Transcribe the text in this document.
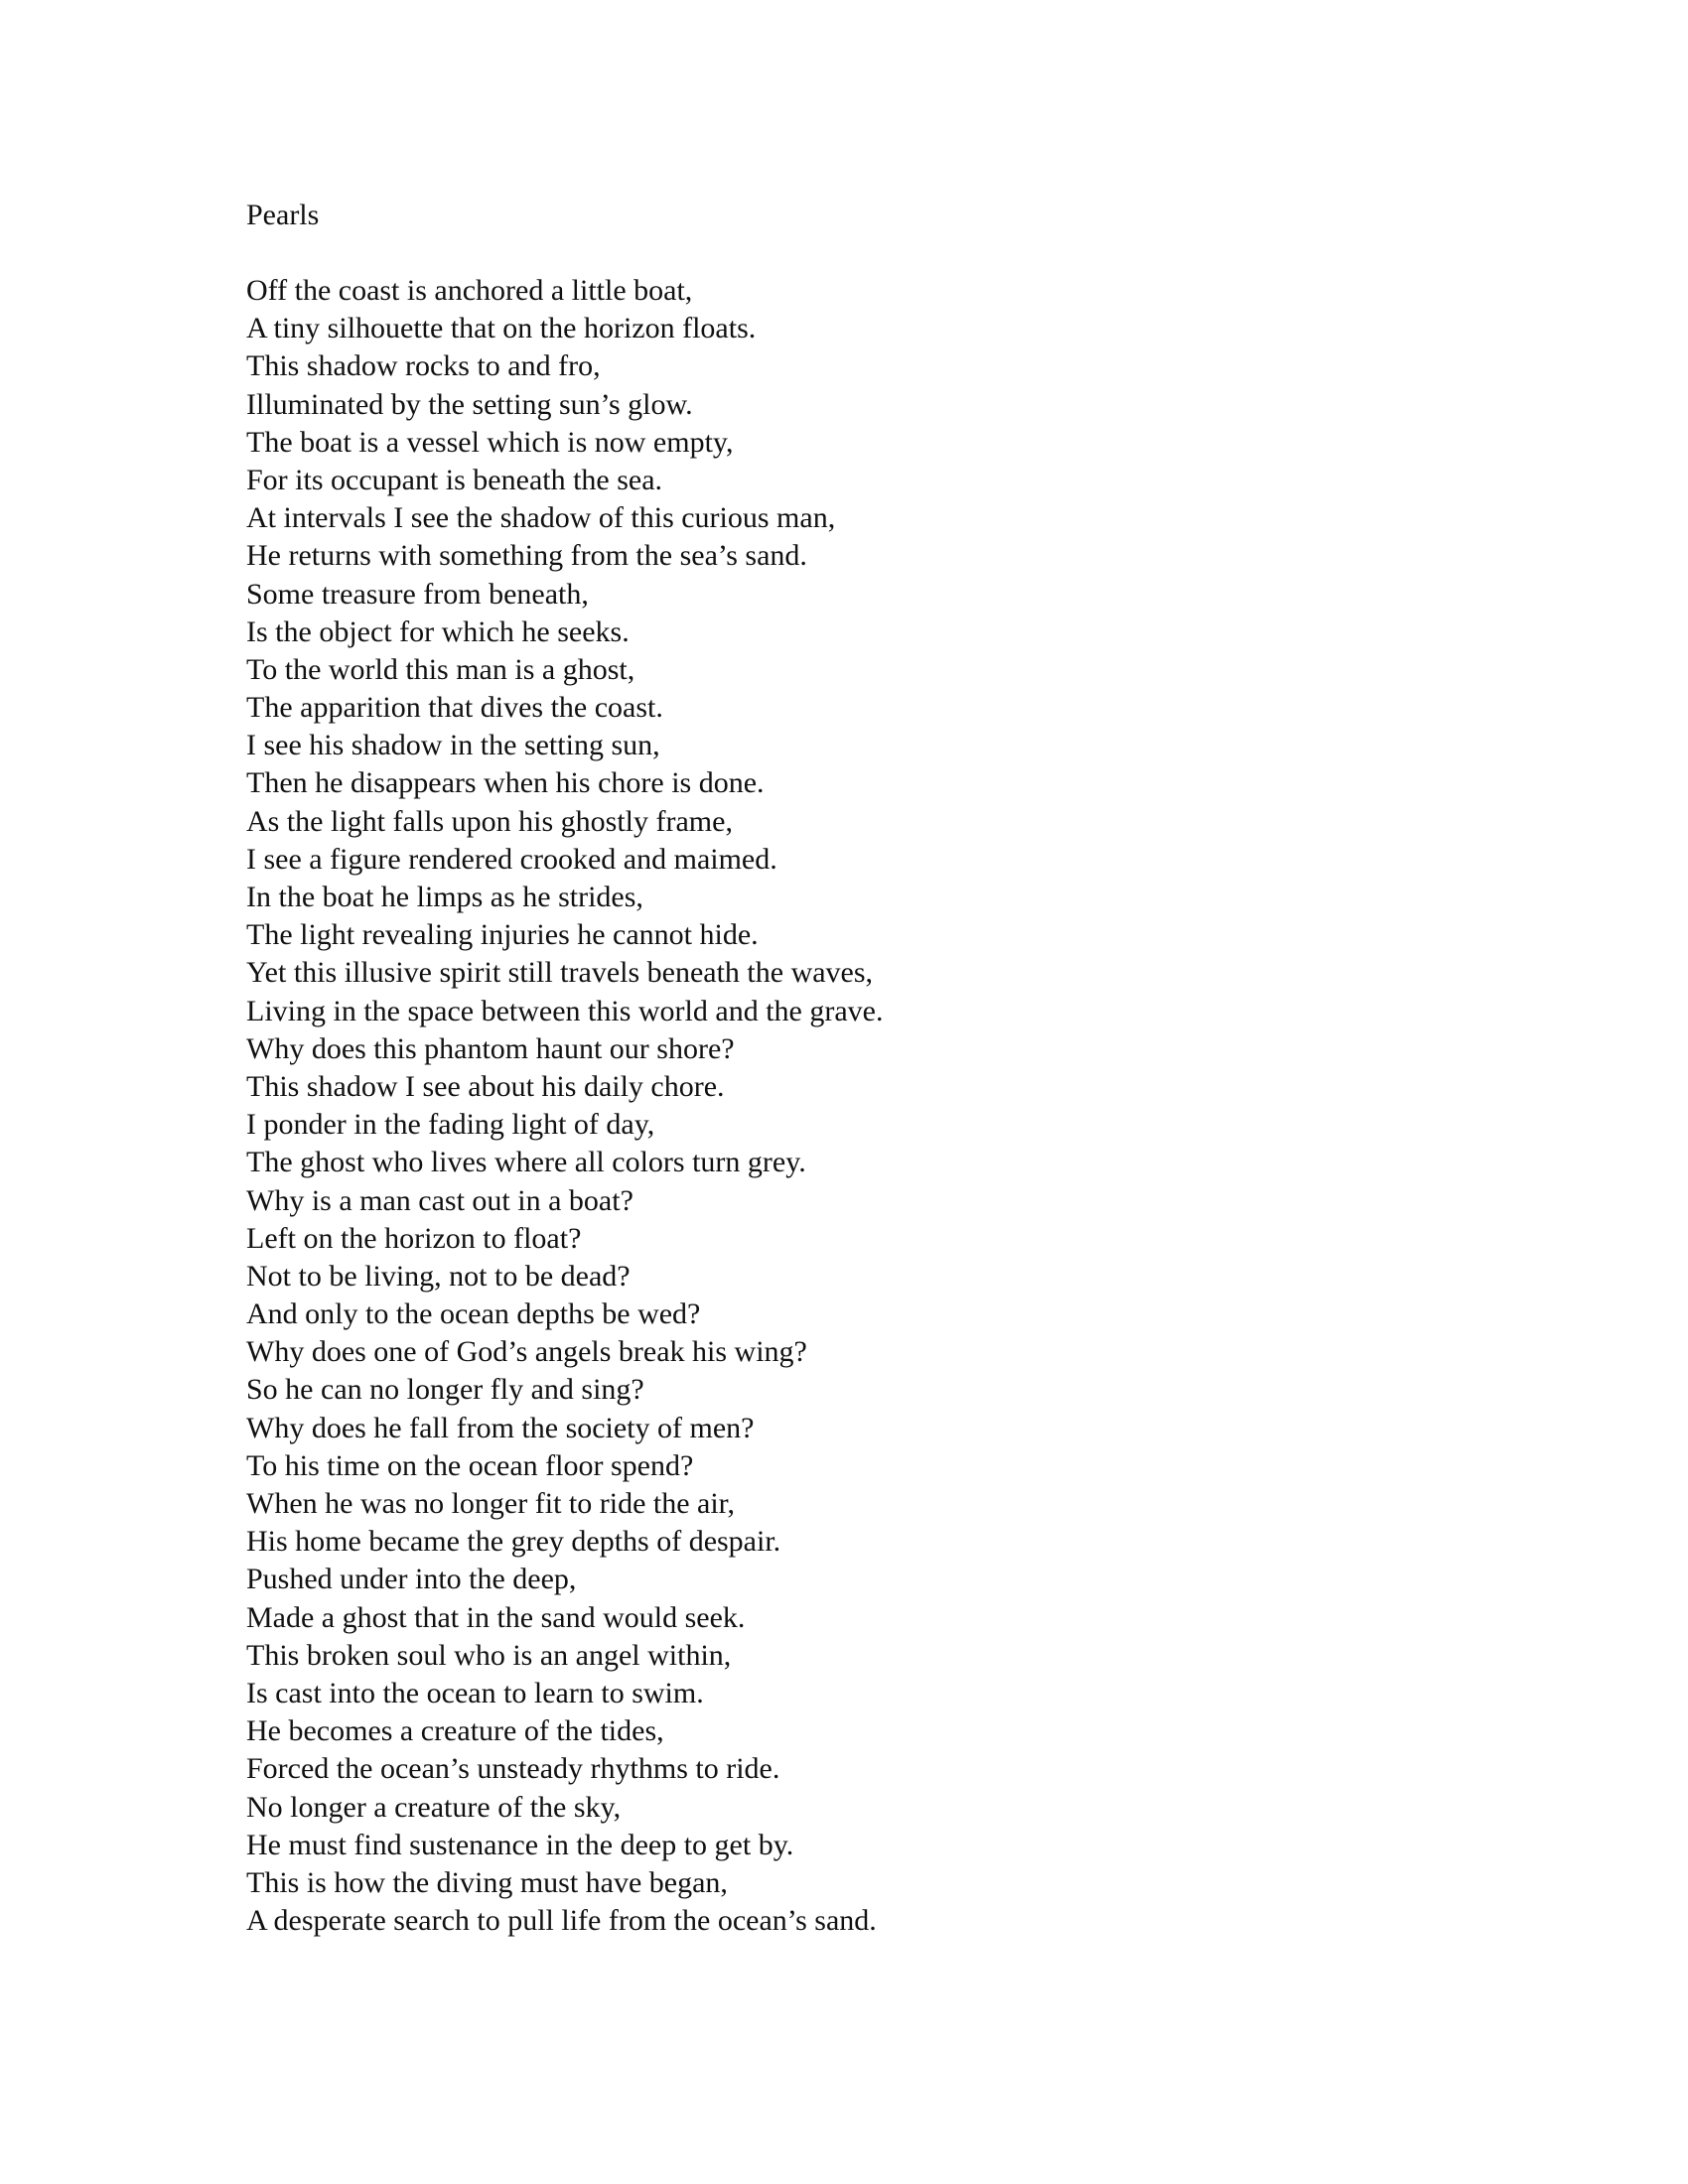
Pearls
Off the coast is anchored a little boat,
A tiny silhouette that on the horizon floats.
This shadow rocks to and fro,
Illuminated by the setting sun’s glow.
The boat is a vessel which is now empty,
For its occupant is beneath the sea.
At intervals I see the shadow of this curious man,
He returns with something from the sea’s sand.
Some treasure from beneath,
Is the object for which he seeks.
To the world this man is a ghost,
The apparition that dives the coast.
I see his shadow in the setting sun,
Then he disappears when his chore is done.
As the light falls upon his ghostly frame,
I see a figure rendered crooked and maimed.
In the boat he limps as he strides,
The light revealing injuries he cannot hide.
Yet this illusive spirit still travels beneath the waves,
Living in the space between this world and the grave.
Why does this phantom haunt our shore?
This shadow I see about his daily chore.
I ponder in the fading light of day,
The ghost who lives where all colors turn grey.
Why is a man cast out in a boat?
Left on the horizon to float?
Not to be living, not to be dead?
And only to the ocean depths be wed?
Why does one of God’s angels break his wing?
So he can no longer fly and sing?
Why does he fall from the society of men?
To his time on the ocean floor spend?
When he was no longer fit to ride the air,
His home became the grey depths of despair.
Pushed under into the deep,
Made a ghost that in the sand would seek.
This broken soul who is an angel within,
Is cast into the ocean to learn to swim.
He becomes a creature of the tides,
Forced the ocean’s unsteady rhythms to ride.
No longer a creature of the sky,
He must find sustenance in the deep to get by.
This is how the diving must have began,
A desperate search to pull life from the ocean’s sand.
